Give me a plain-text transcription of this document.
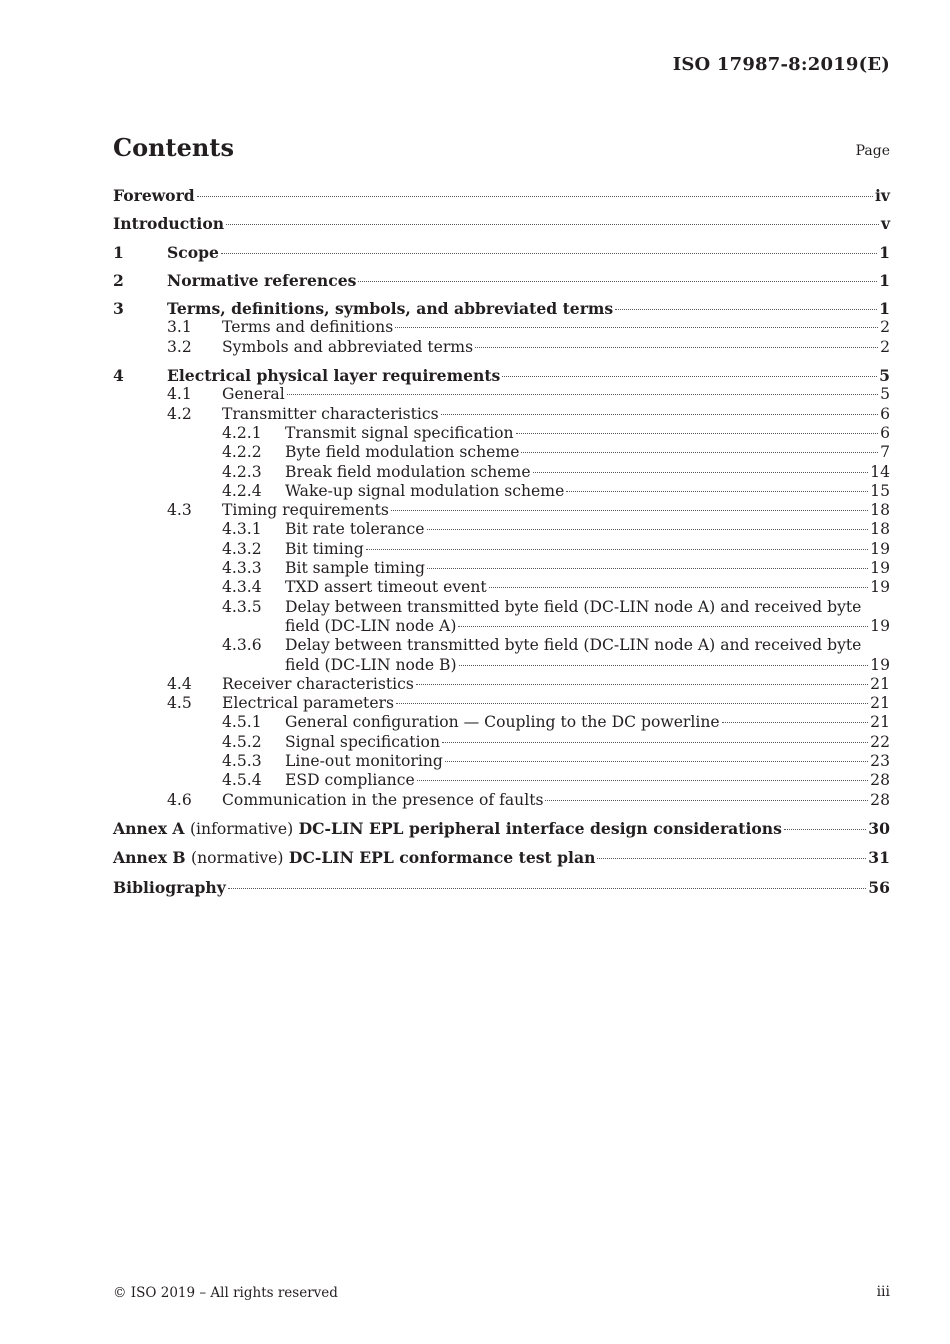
ISO 17987-8:2019(E)
Contents	Page
Foreword	iv
Introduction	v
1	Scope	1
2	Normative references	1
3	Terms, definitions, symbols, and abbreviated terms	1
3.1 Terms and definitions	2
3.2 Symbols and abbreviated terms	2
4	Electrical physical layer requirements	5
4.1 General	5
4.2 Transmitter characteristics	6
4.2.1 Transmit signal specification	6
4.2.2 Byte field modulation scheme	7
4.2.3 Break field modulation scheme	14
4.2.4 Wake-up signal modulation scheme	15
4.3 Timing requirements	18
4.3.1 Bit rate tolerance	18
4.3.2 Bit timing	19
4.3.3 Bit sample timing	19
4.3.4 TXD assert timeout event	19
4.3.5 Delay between transmitted byte field (DC-LIN node A) and received byte
field (DC-LIN node A)	19
4.3.6 Delay between transmitted byte field (DC-LIN node A) and received byte
field (DC-LIN node B)	19
4.4 Receiver characteristics	21
4.5 Electrical parameters	21
4.5.1 General configuration — Coupling to the DC powerline	21
4.5.2 Signal specification	22
4.5.3 Line-out monitoring	23
4.5.4 ESD compliance	28
4.6 Communication in the presence of faults	28
Annex A (informative) DC-LIN EPL peripheral interface design considerations	30
Annex B (normative) DC-LIN EPL conformance test plan	31
Bibliography	56
© ISO 2019 – All rights reserved	iii
